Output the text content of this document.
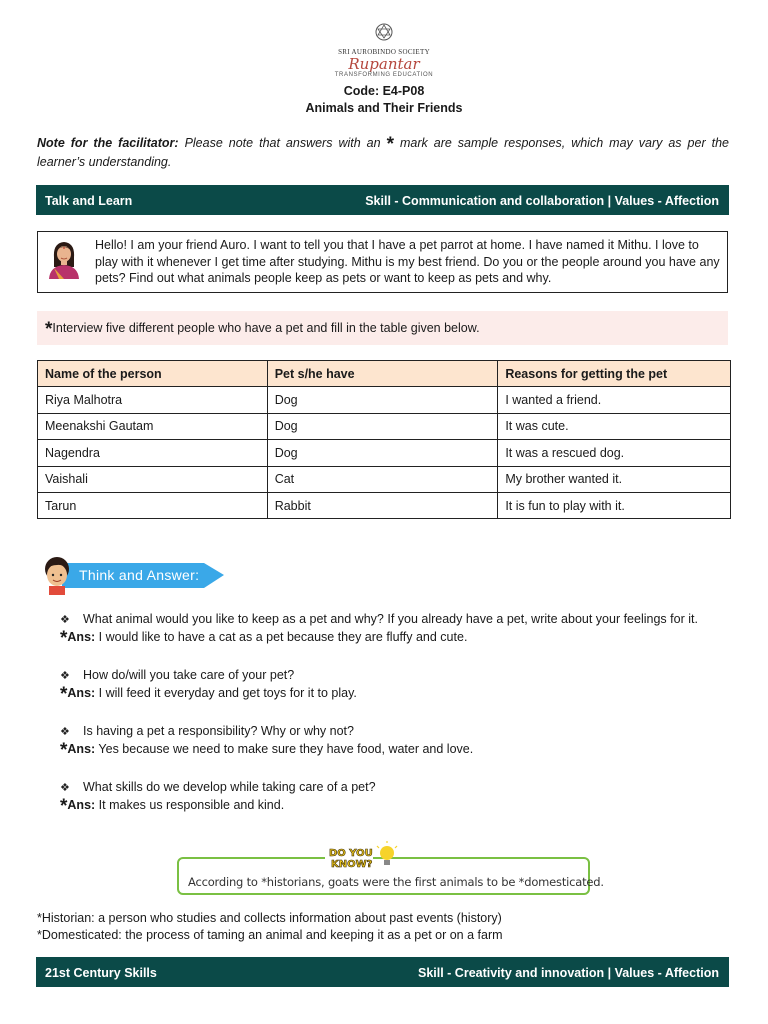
SRI AUROBINDO SOCIETY
Rupantar
TRANSFORMING EDUCATION
Code: E4-P08
Animals and Their Friends
Note for the facilitator: Please note that answers with an * mark are sample responses, which may vary as per the learner’s understanding.
Talk and Learn	Skill - Communication and collaboration | Values - Affection
Hello! I am your friend Auro. I want to tell you that I have a pet parrot at home. I have named it Mithu. I love to play with it whenever I get time after studying. Mithu is my best friend. Do you or the people around you have any pets? Find out what animals people keep as pets or want to keep as pets and why.
*Interview five different people who have a pet and fill in the table given below.
Name of the person	Pet s/he have	Reasons for getting the pet
Riya Malhotra	Dog	I wanted a friend.
Meenakshi Gautam	Dog	It was cute.
Nagendra	Dog	It was a rescued dog.
Vaishali	Cat	My brother wanted it.
Tarun	Rabbit	It is fun to play with it.
Think and Answer:
❖ What animal would you like to keep as a pet and why? If you already have a pet, write about your feelings for it.
*Ans: I would like to have a cat as a pet because they are fluffy and cute.
❖ How do/will you take care of your pet?
*Ans: I will feed it everyday and get toys for it to play.
❖ Is having a pet a responsibility? Why or why not?
*Ans: Yes because we need to make sure they have food, water and love.
❖ What skills do we develop while taking care of a pet?
*Ans: It makes us responsible and kind.
DO YOU
KNOW?
According to *historians, goats were the first animals to be *domesticated.
*Historian: a person who studies and collects information about past events (history)
*Domesticated: the process of taming an animal and keeping it as a pet or on a farm
21st Century Skills	Skill - Creativity and innovation | Values - Affection
